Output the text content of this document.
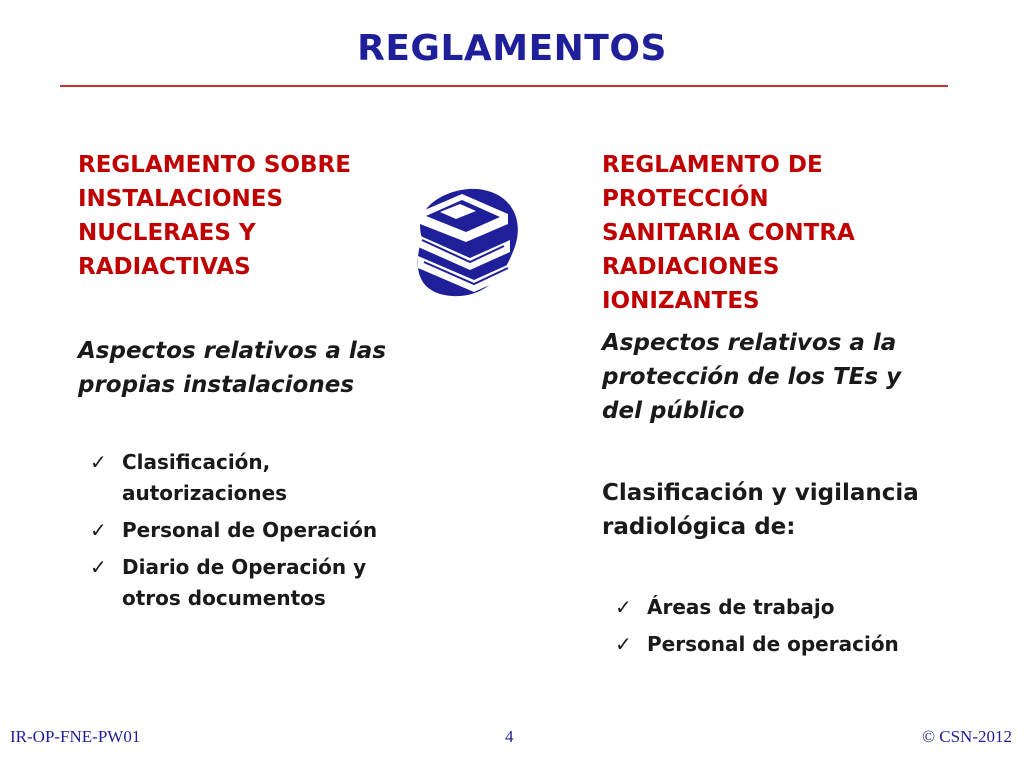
REGLAMENTOS
REGLAMENTO SOBRE
INSTALACIONES
NUCLERAES Y
RADIACTIVAS
Aspectos relativos a las
propias instalaciones
✓ Clasificación,
autorizaciones
✓ Personal de Operación
✓ Diario de Operación y
otros documentos
REGLAMENTO DE
PROTECCIÓN
SANITARIA CONTRA
RADIACIONES
IONIZANTES
Aspectos relativos a la
protección de los TEs y
del público
Clasificación y vigilancia
radiológica de:
✓ Áreas de trabajo
✓ Personal de operación
IR-OP-FNE-PW01	4	© CSN-2012
